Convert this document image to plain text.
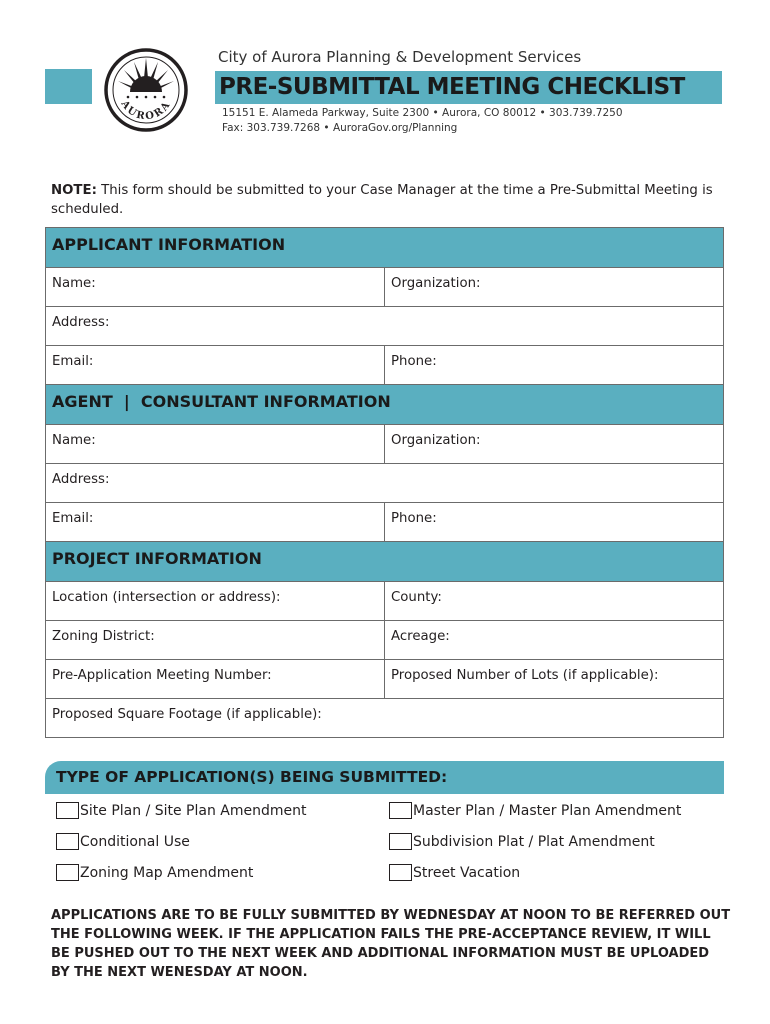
AURORA
City of Aurora Planning & Development Services
PRE-SUBMITTAL MEETING CHECKLIST
15151 E. Alameda Parkway, Suite 2300 • Aurora, CO 80012 • 303.739.7250
Fax: 303.739.7268 • AuroraGov.org/Planning
NOTE: This form should be submitted to your Case Manager at the time a Pre-Submittal Meeting is scheduled.
APPLICANT INFORMATION
Name:	Organization:
Address:
Email:	Phone:
AGENT  |  CONSULTANT INFORMATION
Name:	Organization:
Address:
Email:	Phone:
PROJECT INFORMATION
Location (intersection or address):	County:
Zoning District:	Acreage:
Pre-Application Meeting Number:	Proposed Number of Lots (if applicable):
Proposed Square Footage (if applicable):
TYPE OF APPLICATION(S) BEING SUBMITTED:
Site Plan / Site Plan Amendment	Master Plan / Master Plan Amendment
Conditional Use	Subdivision Plat / Plat Amendment
Zoning Map Amendment	Street Vacation
APPLICATIONS ARE TO BE FULLY SUBMITTED BY WEDNESDAY AT NOON TO BE REFERRED OUT THE FOLLOWING WEEK. IF THE APPLICATION FAILS THE PRE-ACCEPTANCE REVIEW, IT WILL BE PUSHED OUT TO THE NEXT WEEK AND ADDITIONAL INFORMATION MUST BE UPLOADED BY THE NEXT WENESDAY AT NOON.
